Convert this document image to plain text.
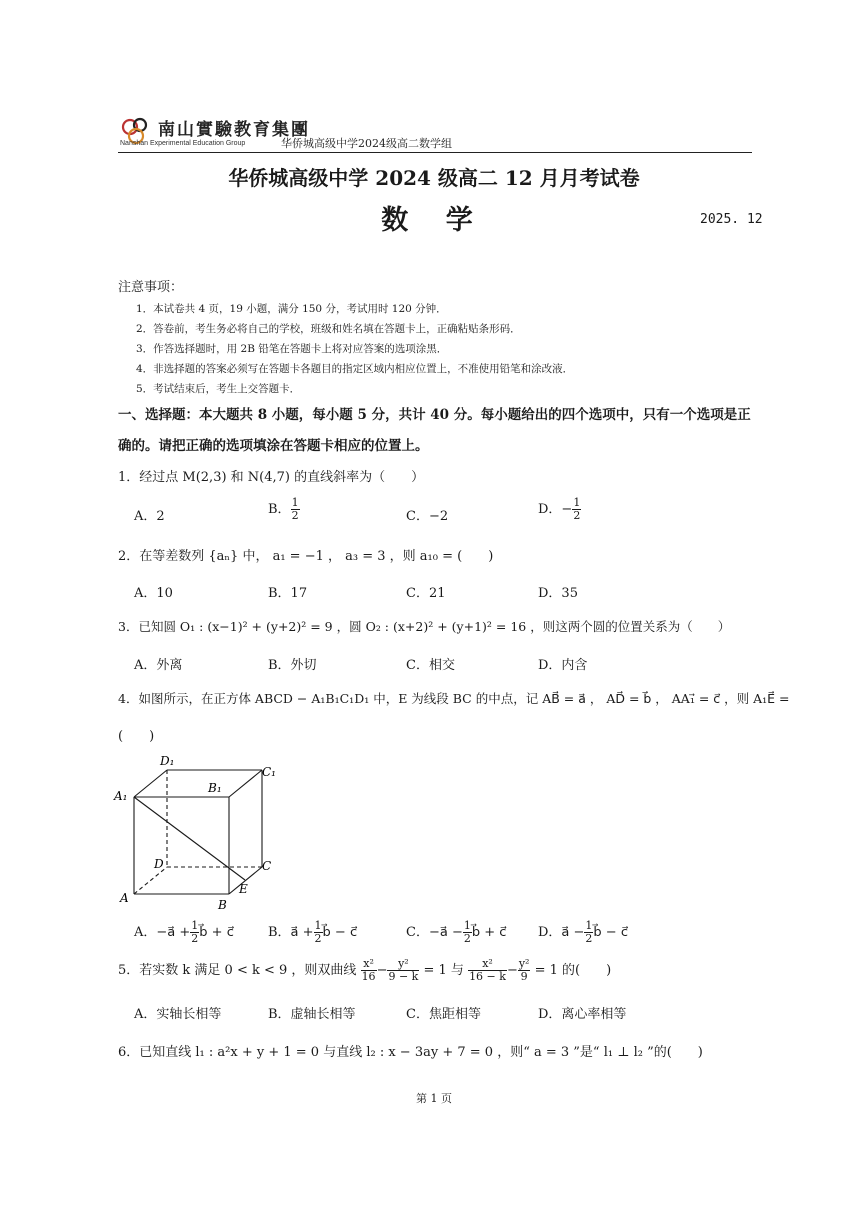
南山實驗教育集團
Nanshan Experimental Education Group	华侨城高级中学2024级高二数学组
华侨城高级中学 2024 级高二 12 月月考试卷
数 学	2025. 12
注意事项：
1．本试卷共 4 页，19 小题，满分 150 分，考试用时 120 分钟．
2．答卷前，考生务必将自己的学校，班级和姓名填在答题卡上，正确粘贴条形码．
3．作答选择题时，用 2B 铅笔在答题卡上将对应答案的选项涂黑．
4．非选择题的答案必须写在答题卡各题目的指定区域内相应位置上，不准使用铅笔和涂改液．
5．考试结束后，考生上交答题卡．
一、选择题：本大题共 8 小题，每小题 5 分，共计 40 分。每小题给出的四个选项中，只有一个选项是正
确的。请把正确的选项填涂在答题卡相应的位置上。
1．经过点 M(2,3) 和 N(4,7) 的直线斜率为（　　）
A．2	B． $\frac{1}{2}$	C．−2	D．− $\frac{1}{2}$
2．在等差数列 {aₙ} 中， a₁ = −1 ， a₃ = 3 ，则 a₁₀ = (　　)
A．10	B．17	C．21	D．35
3．已知圆 O₁ : (x−1)² + (y+2)² = 9 ，圆 O₂ : (x+2)² + (y+1)² = 16 ，则这两个圆的位置关系为（　　）
A．外离	B．外切	C．相交	D．内含
4．如图所示，在正方体 ABCD − A₁B₁C₁D₁ 中，E 为线段 BC 的中点，记 AB⃗ = a⃗ ， AD⃗ = b⃗ ， AA₁⃗ = c⃗ ，则 A₁E⃗ =
(　　)
D₁
C₁
A₁
B₁
D	C
A	B
E
A．−a⃗ + $\frac{1}{2}$ b⃗ + c⃗	B．a⃗ + $\frac{1}{2}$ b⃗ − c⃗	C．−a⃗ − $\frac{1}{2}$ b⃗ + c⃗ D．a⃗ − $\frac{1}{2}$ b⃗ − c⃗
5．若实数 k 满足 0 < k < 9 ，则双曲线 $\frac{\text{x²}}{16} - \frac{\text{y²}}{9 - k} = 1$ 与 $\frac{\text{x²}}{16 - k} - \frac{\text{y²}}{9} = 1$ 的(　　)
A．实轴长相等	B．虚轴长相等	C．焦距相等	D．离心率相等
6．已知直线 l₁ : a²x + y + 1 = 0 与直线 l₂ : x − 3ay + 7 = 0 ，则“ a = 3 ”是“ l₁ ⊥ l₂ ”的(　　)
第 1 页
